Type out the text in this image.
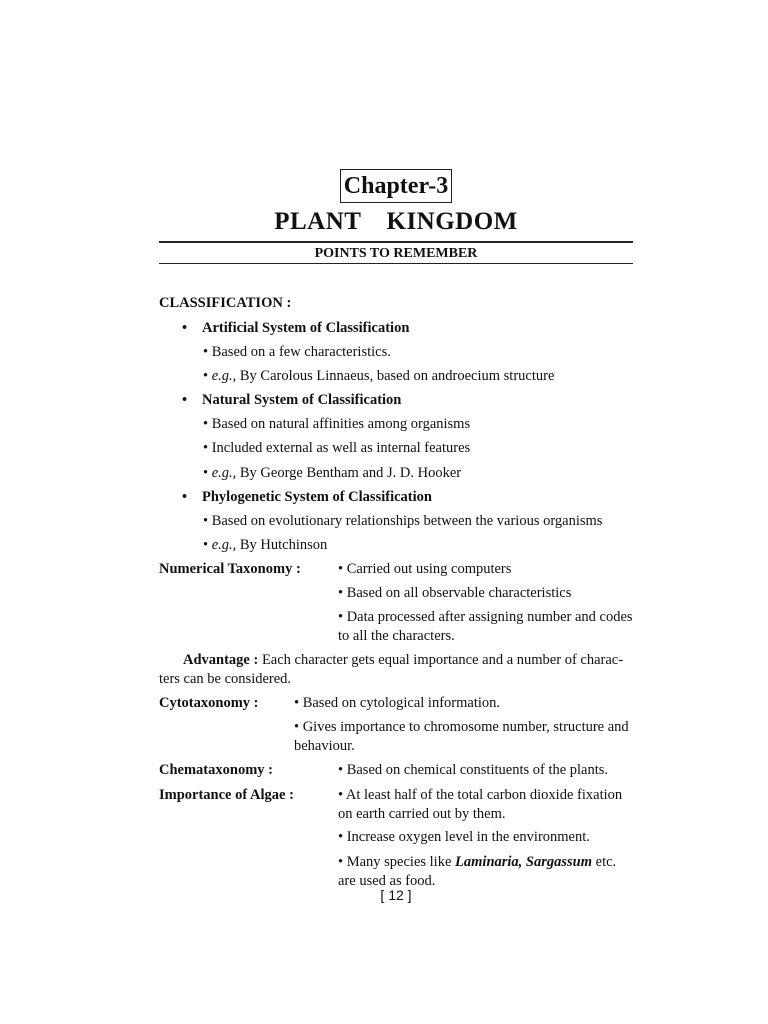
Chapter-3
PLANT  KINGDOM
POINTS TO REMEMBER
CLASSIFICATION :
• Artificial System of Classification
• Based on a few characteristics.
• e.g., By Carolous Linnaeus, based on androecium structure
• Natural System of Classification
• Based on natural affinities among organisms
• Included external as well as internal features
• e.g., By George Bentham and J. D. Hooker
• Phylogenetic System of Classification
• Based on evolutionary relationships between the various organisms
• e.g., By Hutchinson
Numerical Taxonomy :	• Carried out using computers
• Based on all observable characteristics
• Data processed after assigning number and codes to all the characters.
Advantage : Each character gets equal importance and a number of charac-
ters can be considered.
Cytotaxonomy : • Based on cytological information.
• Gives importance to chromosome number, structure and behaviour.
Chemataxonomy :	• Based on chemical constituents of the plants.
Importance of Algae :	• At least half of the total carbon dioxide fixation on earth carried out by them.
• Increase oxygen level in the environment.
• Many species like Laminaria, Sargassum etc. are used as food.
[ 12 ]
